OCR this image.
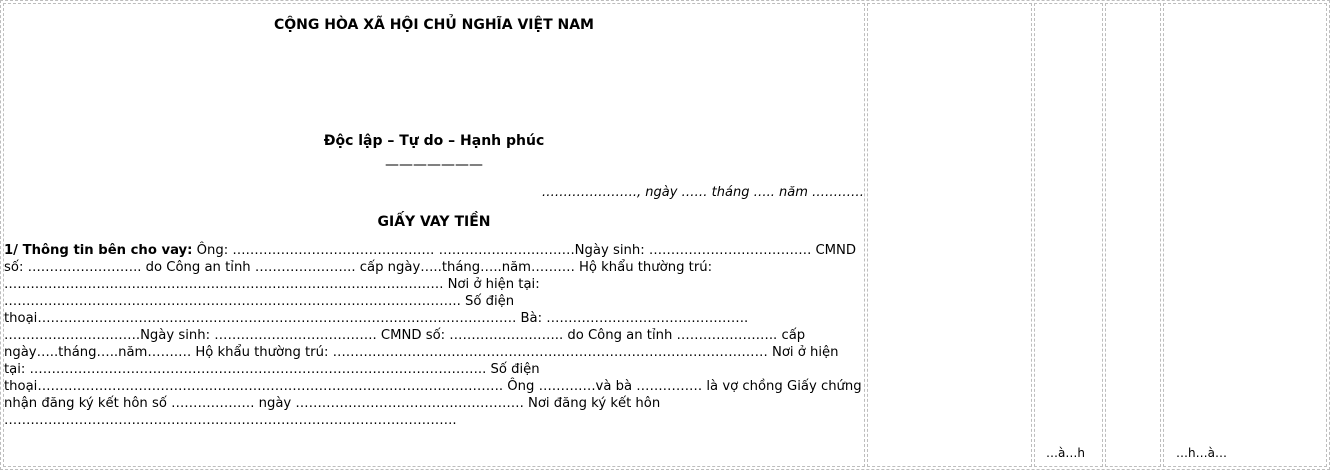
CỘNG HÒA XÃ HỘI CHỦ NGHĨA VIỆT NAM

Độc lập – Tự do – Hạnh phúc

———————

…………………., ngày …… tháng ….. năm …………

GIẤY VAY TIỀN

1/ Thông tin bên cho vay: Ông: ………………………………………. ………………………….Ngày sinh: ………………………………. CMND số: …………………….. do Công an tỉnh ………………….. cấp ngày…..tháng…..năm………. Hộ khẩu thường trú: ………………………………………………………………………………………. Nơi ở hiện tại: ………………………………………………………………………………………….. Số điện thoại………………………………………………………………………………………………. Bà: ………………………………………. ………………………….Ngày sinh: ………………………………. CMND số: …………………….. do Công an tỉnh ………………….. cấp ngày…..tháng…..năm………. Hộ khẩu thường trú: ……………………………………………………………………………………… Nơi ở hiện tại: ………………………………………………………………………………………….. Số điện thoại……………………………………………………………………………………………. Ông ………….và bà …………… là vợ chồng Giấy chứng nhận đăng ký kết hôn số ………………. ngày ……………………………………………. Nơi đăng ký kết hôn ………………………………………………………………………………………….

…à…h	…h…à…
